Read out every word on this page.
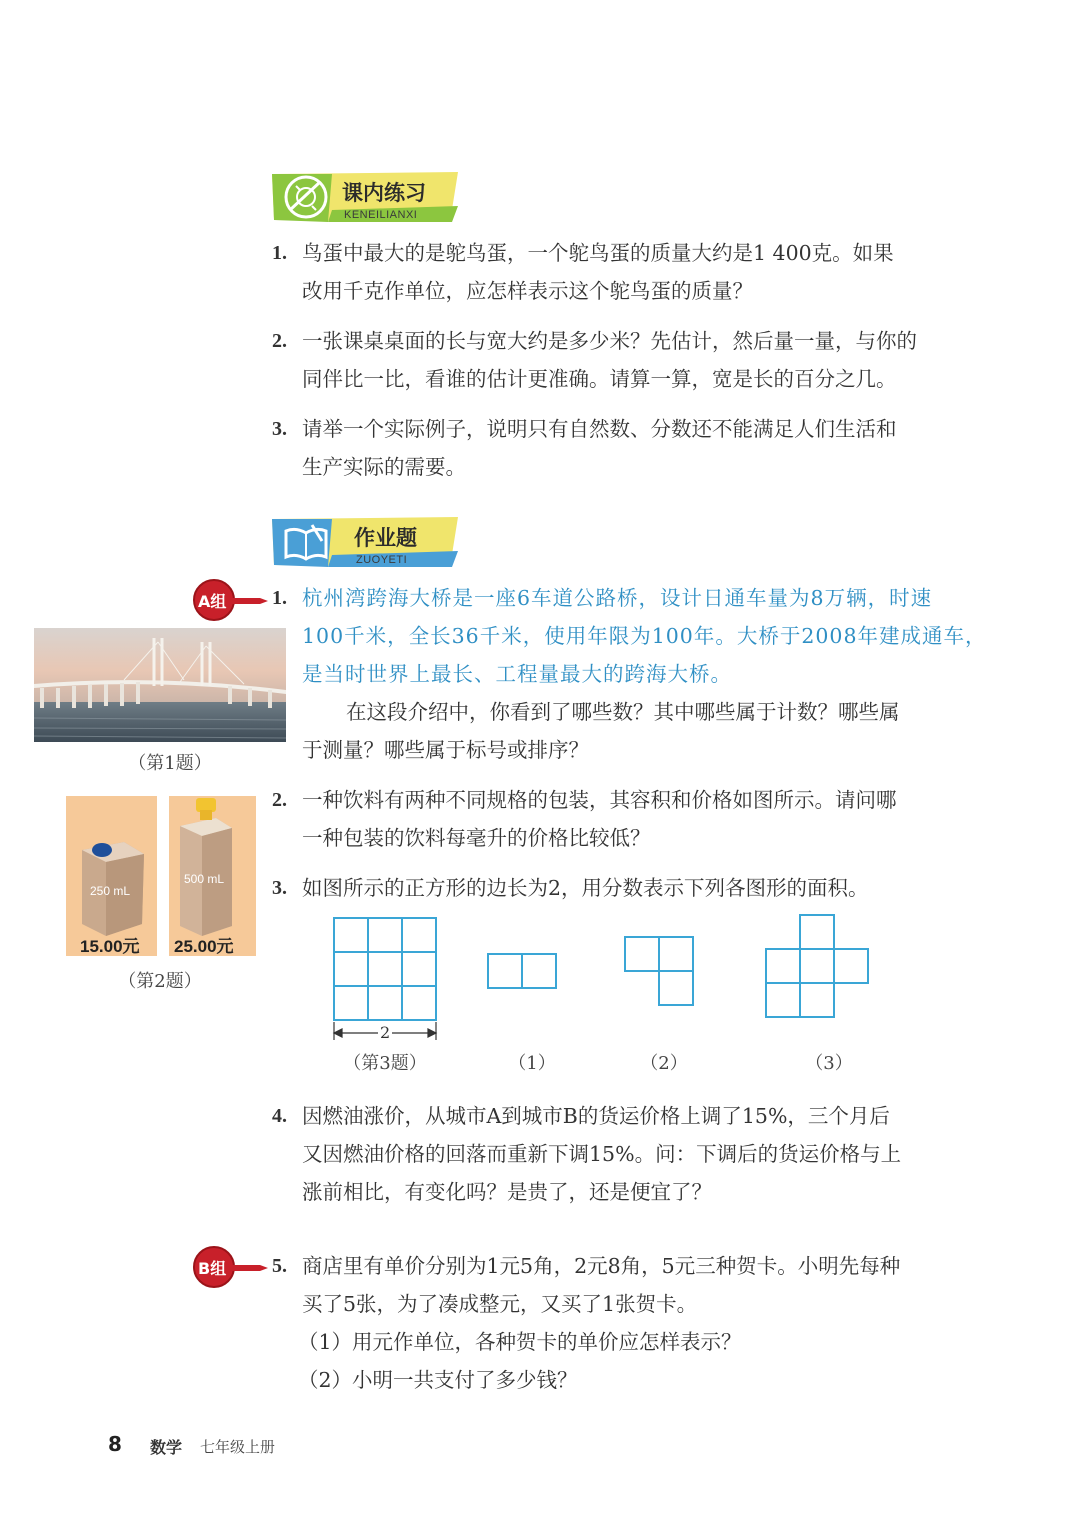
课内练习
KENEILIANXI
1. 鸟蛋中最大的是鸵鸟蛋，一个鸵鸟蛋的质量大约是1 400克。如果
改用千克作单位，应怎样表示这个鸵鸟蛋的质量？
2. 一张课桌桌面的长与宽大约是多少米？先估计，然后量一量，与你的
同伴比一比，看谁的估计更准确。请算一算，宽是长的百分之几。
3. 请举一个实际例子，说明只有自然数、分数还不能满足人们生活和
生产实际的需要。
作业题
ZUOYETI
A组 1. 杭州湾跨海大桥是一座6车道公路桥，设计日通车量为8万辆，时速
100千米，全长36千米，使用年限为100年。大桥于2008年建成通车，
是当时世界上最长、工程量最大的跨海大桥。
在这段介绍中，你看到了哪些数？其中哪些属于计数？哪些属
于测量？哪些属于标号或排序？
（第1题）
250 mL
500 mL
15.00元 25.00元
（第2题）
2. 一种饮料有两种不同规格的包装，其容积和价格如图所示。请问哪
一种包装的饮料每毫升的价格比较低？
3. 如图所示的正方形的边长为2，用分数表示下列各图形的面积。
2
（第3题）	（1）	（2）	（3）
4. 因燃油涨价，从城市A到城市B的货运价格上调了15%，三个月后
又因燃油价格的回落而重新下调15%。问：下调后的货运价格与上
涨前相比，有变化吗？是贵了，还是便宜了？
B组 5. 商店里有单价分别为1元5角，2元8角，5元三种贺卡。小明先每种
买了5张，为了凑成整元，又买了1张贺卡。
（1）用元作单位，各种贺卡的单价应怎样表示？
（2）小明一共支付了多少钱？
8 数学 七年级上册
